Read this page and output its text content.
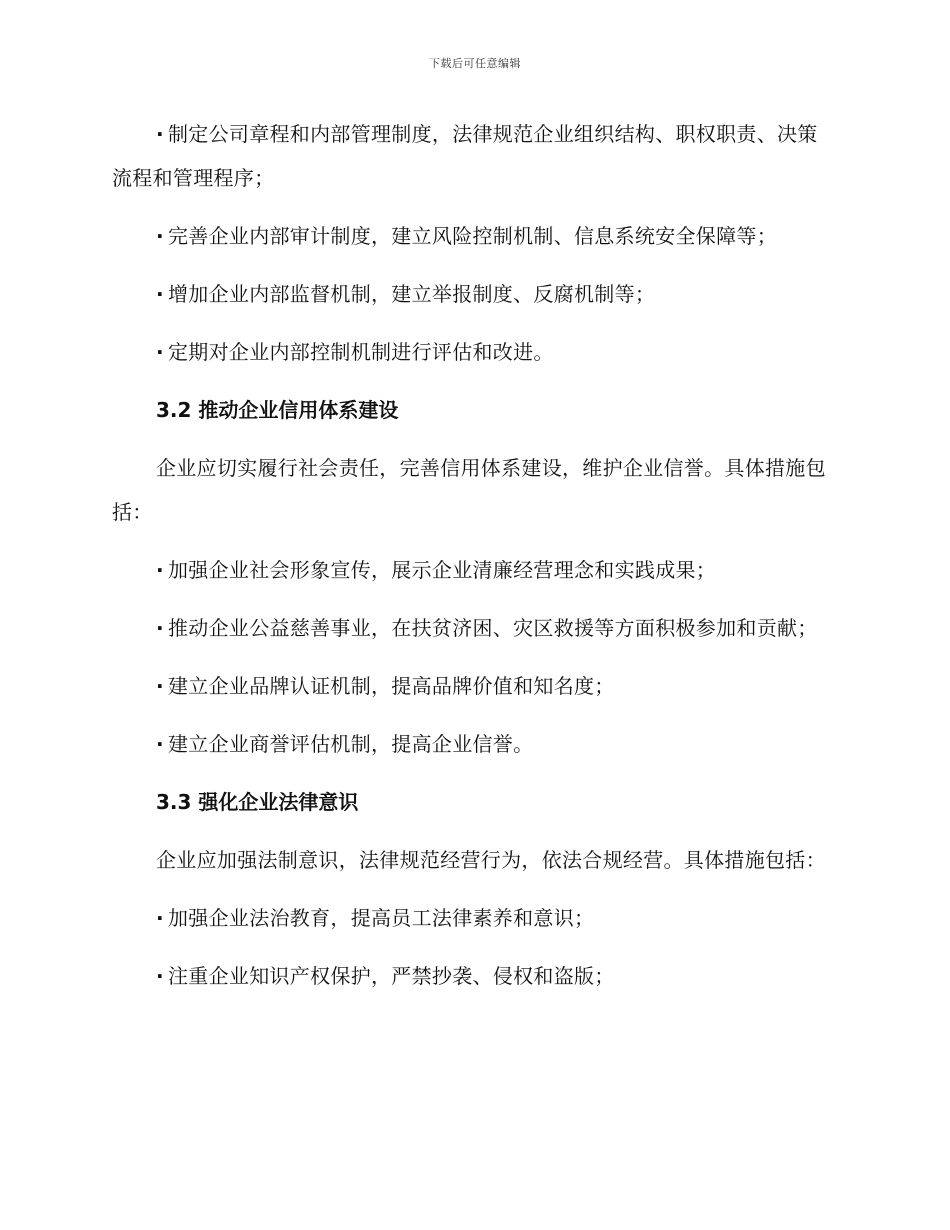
下载后可任意编辑

· 制定公司章程和内部管理制度，法律规范企业组织结构、职权职责、决策流程和管理程序；

· 完善企业内部审计制度，建立风险控制机制、信息系统安全保障等；

· 增加企业内部监督机制，建立举报制度、反腐机制等；

· 定期对企业内部控制机制进行评估和改进。

3.2 推动企业信用体系建设

企业应切实履行社会责任，完善信用体系建设，维护企业信誉。具体措施包括：

· 加强企业社会形象宣传，展示企业清廉经营理念和实践成果；

· 推动企业公益慈善事业，在扶贫济困、灾区救援等方面积极参加和贡献；

· 建立企业品牌认证机制，提高品牌价值和知名度；

· 建立企业商誉评估机制，提高企业信誉。

3.3 强化企业法律意识

企业应加强法制意识，法律规范经营行为，依法合规经营。具体措施包括：

· 加强企业法治教育，提高员工法律素养和意识；

· 注重企业知识产权保护，严禁抄袭、侵权和盗版；
